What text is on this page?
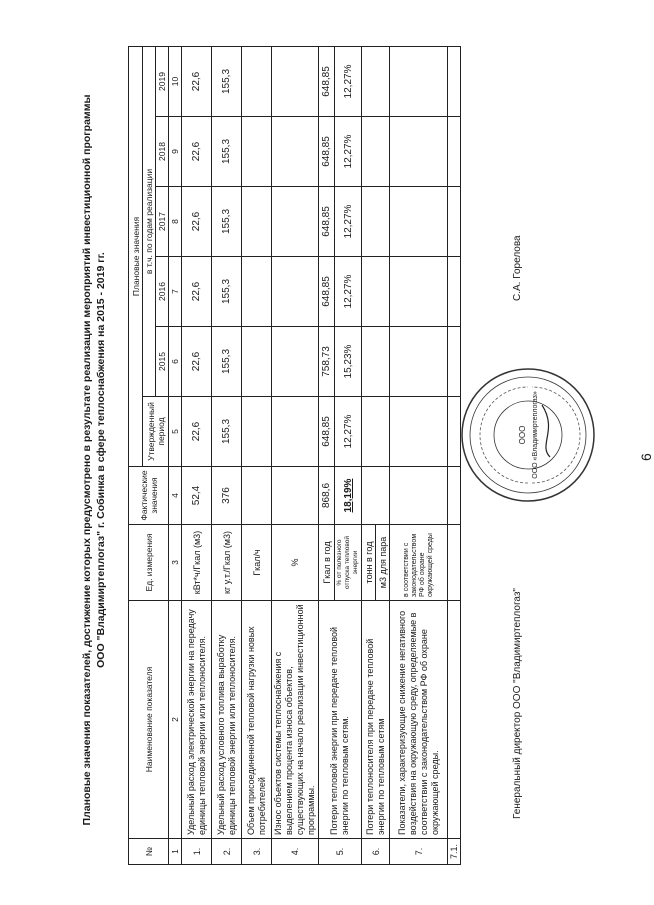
6
Плановые значения показателей, достижение которых предусмотрено в результате реализации мероприятий инвестиционной программы ООО "Владимиртеплогаз" г. Собинка в сфере теплоснабжения на 2015 - 2019 гг.
№	Наименование показателя	Ед. измерения	Фактические значения	Плановые значения					
				Утвержденный период	в т.ч. по годам реализации				
					2015	2016	2017	2018	2019
1	2	3	4	5	6	7	8	9	10
1.	Удельный расход электрической энергии на передачу единицы тепловой энергии или теплоносителя.	кВт*ч/Гкал (м3)	52,4	22,6	22,6	22,6	22,6	22,6	22,6
2.	Удельный расход условного топлива выработку единицы тепловой энергии или теплоносителя.	кг у.т./Гкал (м3)	376	155,3	155,3	155,3	155,3	155,3	155,3
3.	Объем присоединенной тепловой нагрузки новых потребителей	Гкал/ч							
4.	Износ объектов системы теплоснабжения с выделением процента износа объектов, существующих на начало реализации инвестиционной программы.	%							
5.	Потери тепловой энергии при передаче тепловой энергии по тепловым сетям.	Гкал в год	868,6	648,85	758,73	648,85	648,85	648,85	648,85
		% от полезного отпуска тепловой энергии	18,19%	12,27%	15,23%	12,27%	12,27%	12,27%	12,27%
6.	Потери теплоносителя при передаче тепловой энергии по тепловым сетям	тонн в год							
		м3 для пара							
7.	Показатели, характеризующие снижение негативного воздействия на окружающую среду, определяемые в соответствии с законодательством РФ об охране окружающей среды.	в соответствии с законодательством РФ об охране окружающей среды							
7.1.									
Генеральный директор ООО "Владимиртеплогаз"
С.А. Горелова
ООО ООО «Владимиртеплогаз»
